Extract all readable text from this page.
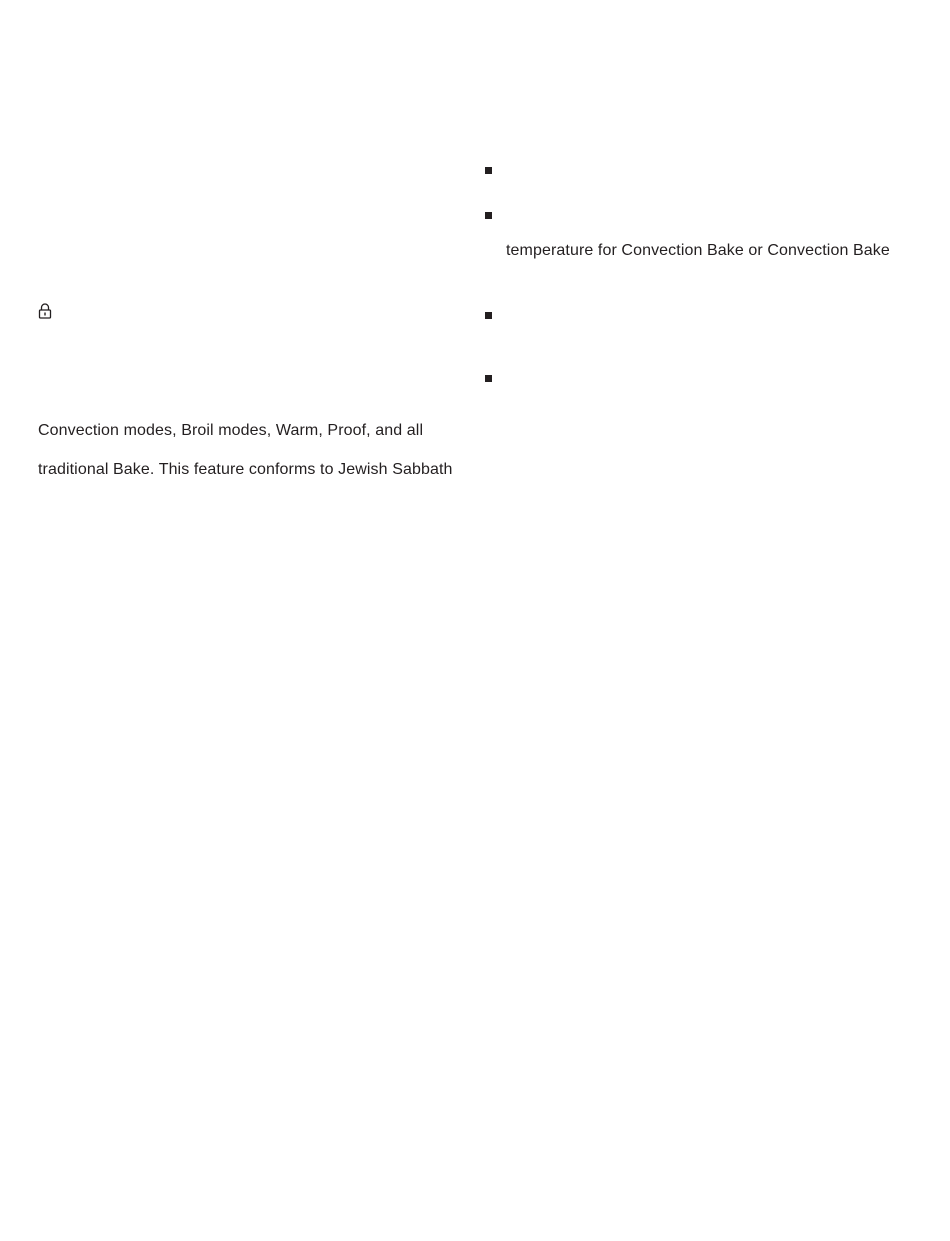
Convection modes, Broil modes, Warm, Proof, and all
traditional Bake. This feature conforms to Jewish Sabbath
temperature for Convection Bake or Convection Bake
